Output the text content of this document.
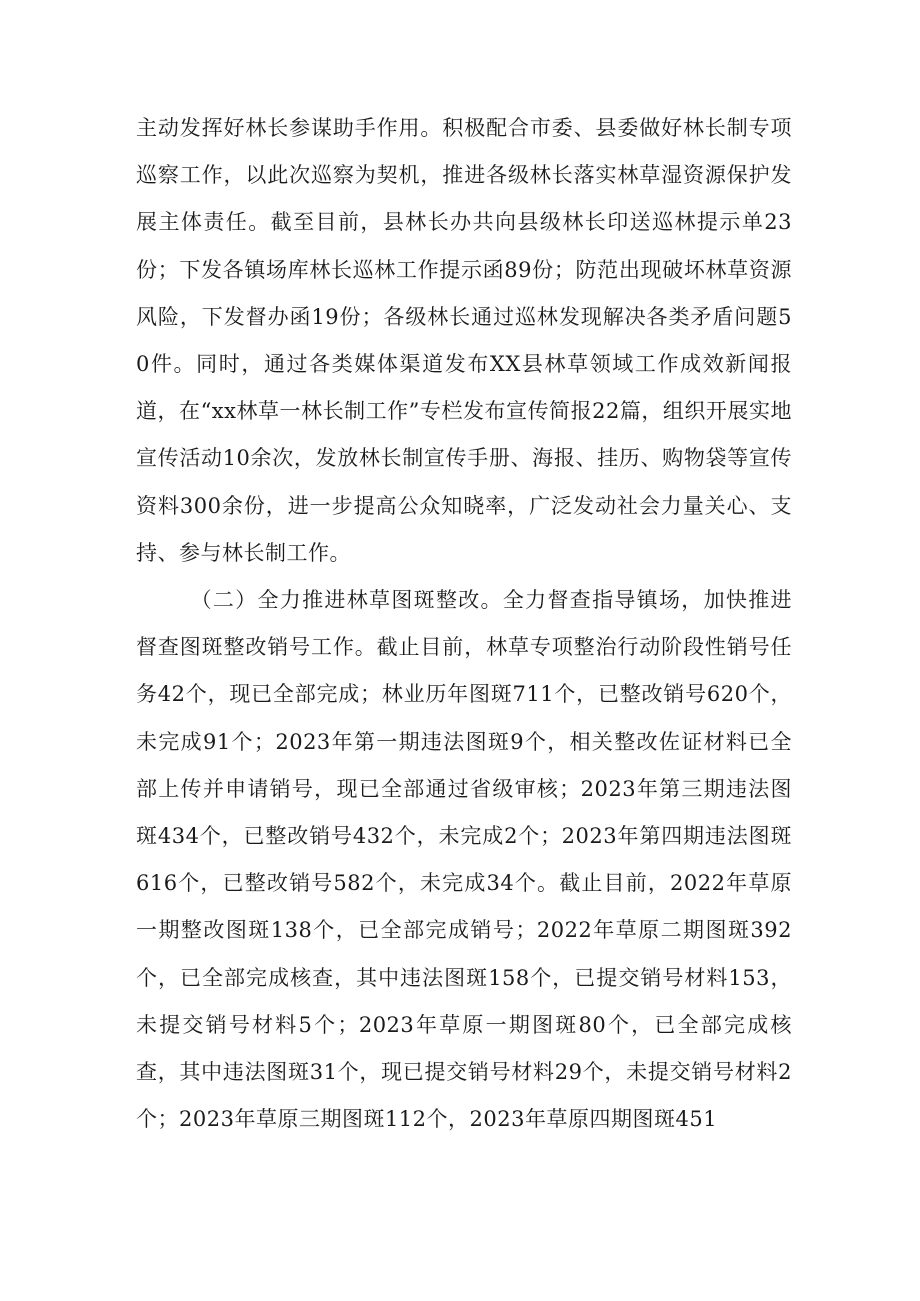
主动发挥好林长参谋助手作用。积极配合市委、县委做好林长制专项巡察工作，以此次巡察为契机，推进各级林长落实林草湿资源保护发展主体责任。截至目前，县林长办共向县级林长印送巡林提示单23份；下发各镇场库林长巡林工作提示函89份；防范出现破坏林草资源风险，下发督办函19份；各级林长通过巡林发现解决各类矛盾问题50件。同时，通过各类媒体渠道发布XX县林草领域工作成效新闻报道，在“xx林草一林长制工作”专栏发布宣传简报22篇，组织开展实地宣传活动10余次，发放林长制宣传手册、海报、挂历、购物袋等宣传资料300余份，进一步提高公众知晓率，广泛发动社会力量关心、支持、参与林长制工作。

（二）全力推进林草图斑整改。全力督查指导镇场，加快推进督查图斑整改销号工作。截止目前，林草专项整治行动阶段性销号任务42个，现已全部完成；林业历年图斑711个，已整改销号620个，未完成91个；2023年第一期违法图斑9个，相关整改佐证材料已全部上传并申请销号，现已全部通过省级审核；2023年第三期违法图斑434个，已整改销号432个，未完成2个；2023年第四期违法图斑616个，已整改销号582个，未完成34个。截止目前，2022年草原一期整改图斑138个，已全部完成销号；2022年草原二期图斑392个，已全部完成核查，其中违法图斑158个，已提交销号材料153，未提交销号材料5个；2023年草原一期图斑80个，已全部完成核查，其中违法图斑31个，现已提交销号材料29个，未提交销号材料2个；2023年草原三期图斑112个，2023年草原四期图斑451
